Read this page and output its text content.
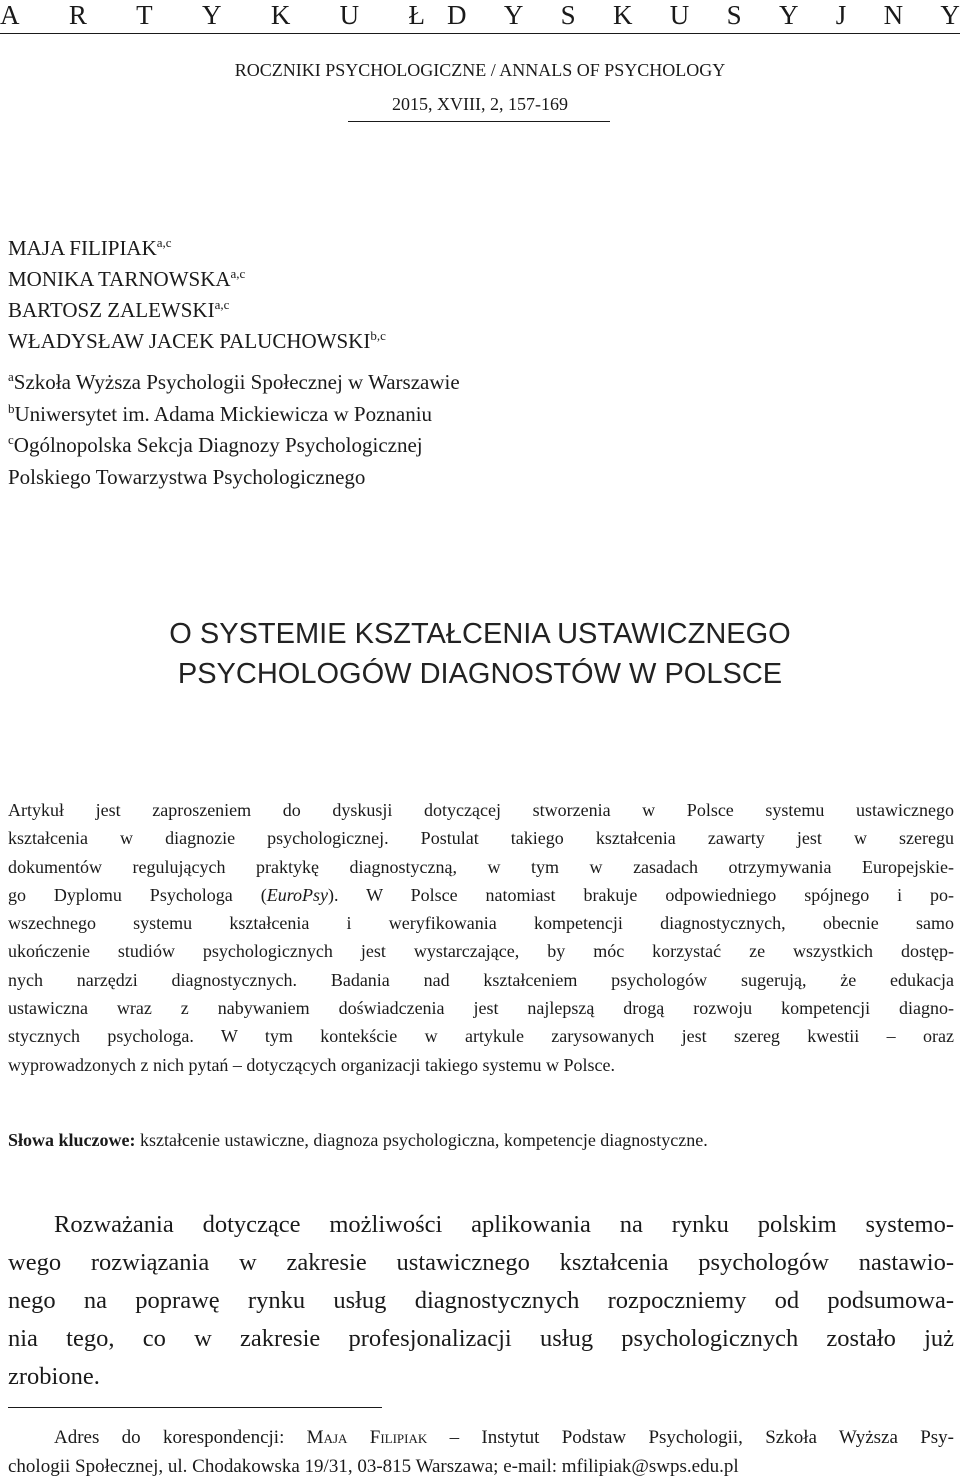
A R T Y K U Ł D Y S K U S Y J N Y
ROCZNIKI PSYCHOLOGICZNE / ANNALS OF PSYCHOLOGY
2015, XVIII, 2, 157-169
MAJA FILIPIAK$^{a,c}$
MONIKA TARNOWSKA$^{a,c}$
BARTOSZ ZALEWSKI$^{a,c}$
WŁADYSŁAW JACEK PALUCHOWSKI$^{b,c}$
$^a$Szkoła Wyższa Psychologii Społecznej w Warszawie
$^b$Uniwersytet im. Adama Mickiewicza w Poznaniu
$^c$Ogólnopolska Sekcja Diagnozy Psychologicznej
Polskiego Towarzystwa Psychologicznego
O SYSTEMIE KSZTAŁCENIA USTAWICZNEGO
PSYCHOLOGÓW DIAGNOSTÓW W POLSCE
Artykuł jest zaproszeniem do dyskusji dotyczącej stworzenia w Polsce systemu ustawicznego
kształcenia w diagnozie psychologicznej. Postulat takiego kształcenia zawarty jest w szeregu
dokumentów regulujących praktykę diagnostyczną, w tym w zasadach otrzymywania Europejskie-
go Dyplomu Psychologa (EuroPsy). W Polsce natomiast brakuje odpowiedniego spójnego i po-
wszechnego systemu kształcenia i weryfikowania kompetencji diagnostycznych, obecnie samo
ukończenie studiów psychologicznych jest wystarczające, by móc korzystać ze wszystkich dostęp-
nych narzędzi diagnostycznych. Badania nad kształceniem psychologów sugerują, że edukacja
ustawiczna wraz z nabywaniem doświadczenia jest najlepszą drogą rozwoju kompetencji diagno-
stycznych psychologa. W tym kontekście w artykule zarysowanych jest szereg kwestii – oraz
wyprowadzonych z nich pytań – dotyczących organizacji takiego systemu w Polsce.
Słowa kluczowe: kształcenie ustawiczne, diagnoza psychologiczna, kompetencje diagnostyczne.
Rozważania dotyczące możliwości aplikowania na rynku polskim systemo-
wego rozwiązania w zakresie ustawicznego kształcenia psychologów nastawio-
nego na poprawę rynku usług diagnostycznych rozpoczniemy od podsumowa-
nia tego, co w zakresie profesjonalizacji usług psychologicznych zostało już
zrobione.
Adres do korespondencji: Maja Filipiak – Instytut Podstaw Psychologii, Szkoła Wyższa Psy-
chologii Społecznej, ul. Chodakowska 19/31, 03-815 Warszawa; e-mail: mfilipiak@swps.edu.pl
